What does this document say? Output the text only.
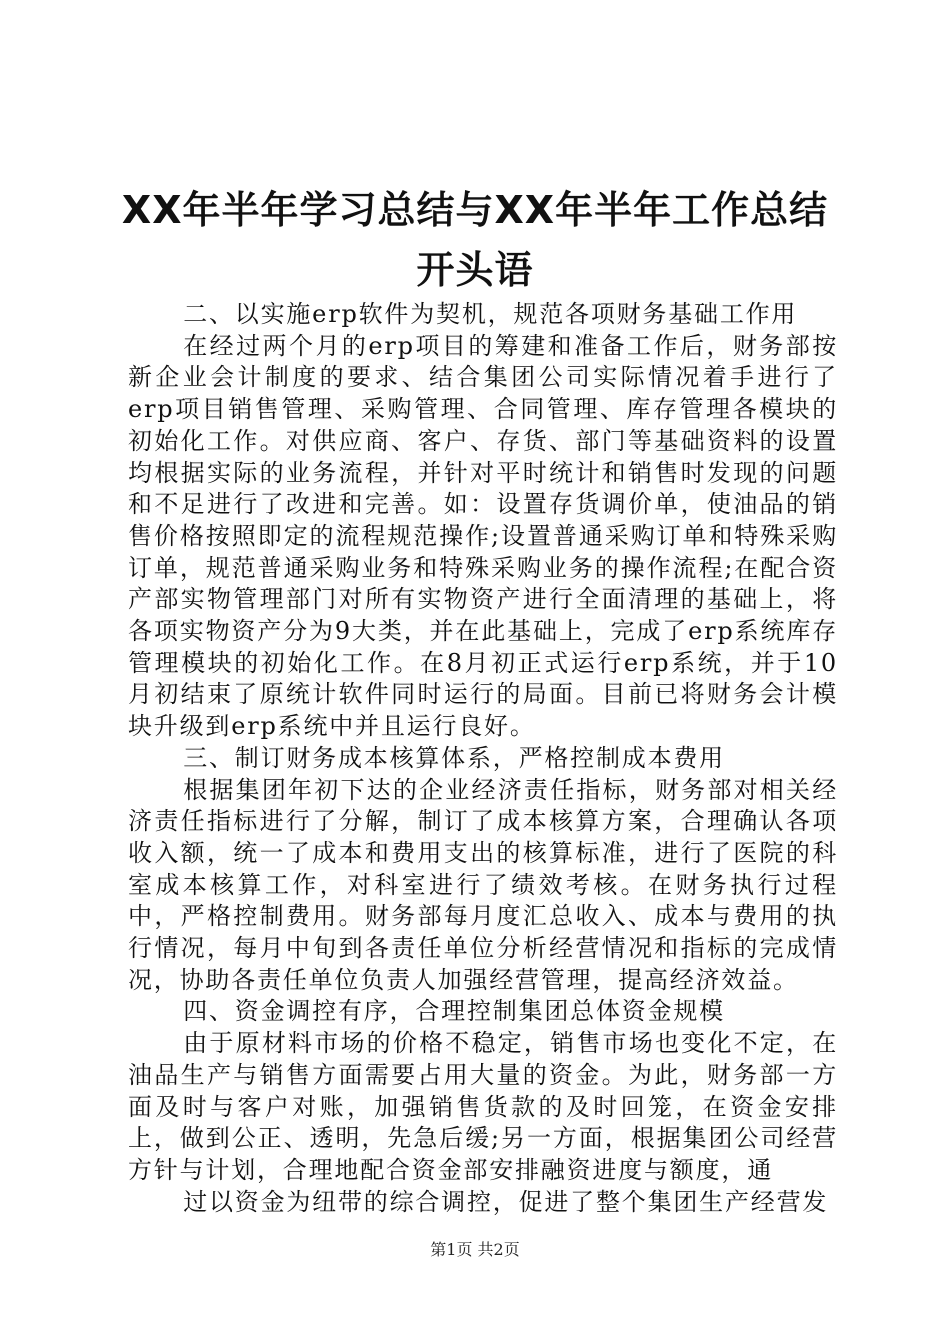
XX年半年学习总结与XX年半年工作总结开头语

二、以实施erp软件为契机，规范各项财务基础工作用

在经过两个月的erp项目的筹建和准备工作后，财务部按新企业会计制度的要求、结合集团公司实际情况着手进行了erp项目销售管理、采购管理、合同管理、库存管理各模块的初始化工作。对供应商、客户、存货、部门等基础资料的设置均根据实际的业务流程，并针对平时统计和销售时发现的问题和不足进行了改进和完善。如：设置存货调价单，使油品的销售价格按照即定的流程规范操作;设置普通采购订单和特殊采购订单，规范普通采购业务和特殊采购业务的操作流程;在配合资产部实物管理部门对所有实物资产进行全面清理的基础上，将各项实物资产分为9大类，并在此基础上，完成了erp系统库存管理模块的初始化工作。在8月初正式运行erp系统，并于10月初结束了原统计软件同时运行的局面。目前已将财务会计模块升级到erp系统中并且运行良好。

三、制订财务成本核算体系，严格控制成本费用

根据集团年初下达的企业经济责任指标，财务部对相关经济责任指标进行了分解，制订了成本核算方案，合理确认各项收入额，统一了成本和费用支出的核算标准，进行了医院的科室成本核算工作，对科室进行了绩效考核。在财务执行过程中，严格控制费用。财务部每月度汇总收入、成本与费用的执行情况，每月中旬到各责任单位分析经营情况和指标的完成情况，协助各责任单位负责人加强经营管理，提高经济效益。

四、资金调控有序，合理控制集团总体资金规模

由于原材料市场的价格不稳定，销售市场也变化不定，在油品生产与销售方面需要占用大量的资金。为此，财务部一方面及时与客户对账，加强销售货款的及时回笼，在资金安排上，做到公正、透明，先急后缓;另一方面，根据集团公司经营方针与计划，合理地配合资金部安排融资进度与额度，通

过以资金为纽带的综合调控，促进了整个集团生产经营发

第1页 共2页
